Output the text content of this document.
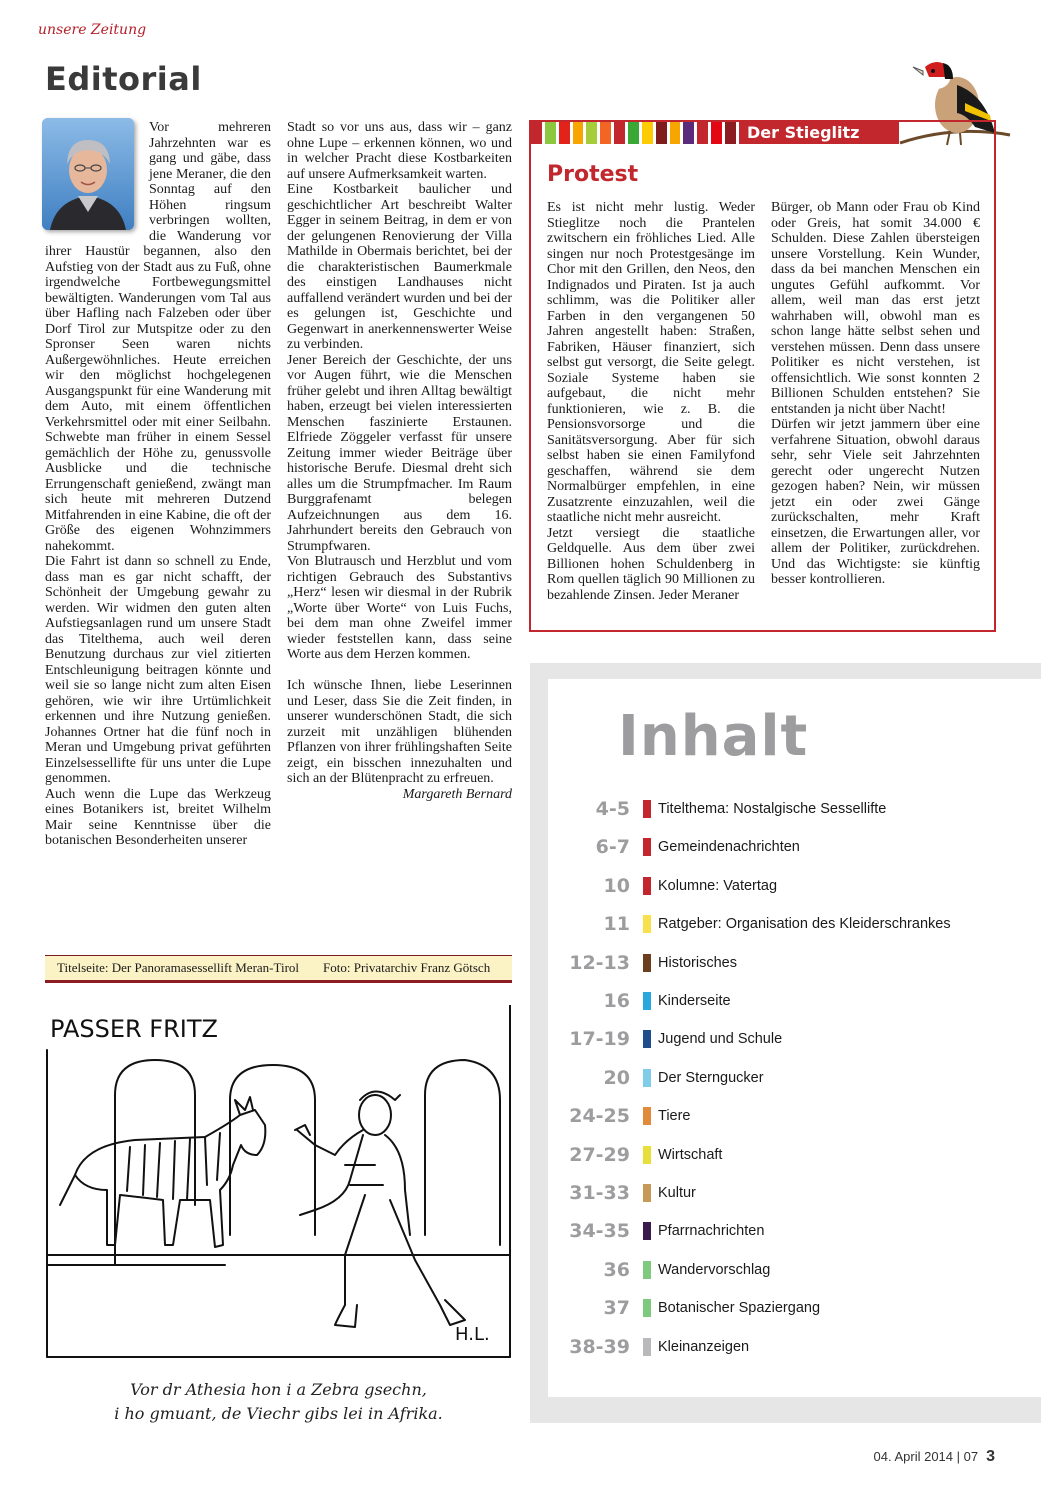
unsere Zeitung
Editorial

Vor mehreren Jahrzehnten war es gang und gäbe, dass jene Meraner, die den Sonntag auf den Höhen ringsum verbringen wollten, die Wanderung vor ihrer Haustür begannen, also den Aufstieg von der Stadt aus zu Fuß, ohne irgendwelche Fortbewegungsmittel bewältigten. Wanderungen vom Tal aus über Hafling nach Falzeben oder über Dorf Tirol zur Mutspitze oder zu den Spronser Seen waren nichts Außergewöhnliches. Heute erreichen wir den möglichst hochgelegenen Ausgangspunkt für eine Wanderung mit dem Auto, mit einem öffentlichen Verkehrsmittel oder mit einer Seilbahn. Schwebte man früher in einem Sessel gemächlich der Höhe zu, genussvolle Ausblicke und die technische Errungenschaft genießend, zwängt man sich heute mit mehreren Dutzend Mitfahrenden in eine Kabine, die oft der Größe des eigenen Wohnzimmers nahekommt.

Die Fahrt ist dann so schnell zu Ende, dass man es gar nicht schafft, der Schönheit der Umgebung gewahr zu werden. Wir widmen den guten alten Aufstiegsanlagen rund um unsere Stadt das Titelthema, auch weil deren Benutzung durchaus zur viel zitierten Entschleunigung beitragen könnte und weil sie so lange nicht zum alten Eisen gehören, wie wir ihre Urtümlichkeit erkennen und ihre Nutzung genießen. Johannes Ortner hat die fünf noch in Meran und Umgebung privat geführten Einzelsessellifte für uns unter die Lupe genommen.

Auch wenn die Lupe das Werkzeug eines Botanikers ist, breitet Wilhelm Mair seine Kenntnisse über die botanischen Besonderheiten unserer

Stadt so vor uns aus, dass wir – ganz ohne Lupe – erkennen können, wo und in welcher Pracht diese Kostbarkeiten auf unsere Aufmerksamkeit warten.

Eine Kostbarkeit baulicher und geschichtlicher Art beschreibt Walter Egger in seinem Beitrag, in dem er von der gelungenen Renovierung der Villa Mathilde in Obermais berichtet, bei der die charakteristischen Baumerkmale des einstigen Landhauses nicht auffallend verändert wurden und bei der es gelungen ist, Geschichte und Gegenwart in anerkennenswerter Weise zu verbinden.

Jener Bereich der Geschichte, der uns vor Augen führt, wie die Menschen früher gelebt und ihren Alltag bewältigt haben, erzeugt bei vielen interessierten Menschen faszinierte Erstaunen. Elfriede Zöggeler verfasst für unsere Zeitung immer wieder Beiträge über historische Berufe. Diesmal dreht sich alles um die Strumpfmacher. Im Raum Burggrafenamt belegen Aufzeichnungen aus dem 16. Jahrhundert bereits den Gebrauch von Strumpfwaren.

Von Blutrausch und Herzblut und vom richtigen Gebrauch des Substantivs „Herz“ lesen wir diesmal in der Rubrik „Worte über Worte“ von Luis Fuchs, bei dem man ohne Zweifel immer wieder feststellen kann, dass seine Worte aus dem Herzen kommen.

Ich wünsche Ihnen, liebe Leserinnen und Leser, dass Sie die Zeit finden, in unserer wunderschönen Stadt, die sich zurzeit mit unzähligen blühenden Pflanzen von ihrer frühlingshaften Seite zeigt, ein bisschen innezuhalten und sich an der Blütenpracht zu erfreuen.

Margareth Bernard

Titelseite: Der Panoramasessellift Meran-Tirol Foto: Privatarchiv Franz Götsch
PASSER FRITZ
H.L.
Vor dr Athesia hon i a Zebra gsechn,
i ho gmuant, de Viechr gibs lei in Afrika.
Der Stieglitz
Protest

Es ist nicht mehr lustig. Weder Stieglitze noch die Prantelen zwitschern ein fröhliches Lied. Alle singen nur noch Protestgesänge im Chor mit den Grillen, den Neos, den Indignados und Piraten. Ist ja auch schlimm, was die Politiker aller Farben in den vergangenen 50 Jahren angestellt haben: Straßen, Fabriken, Häuser finanziert, sich selbst gut versorgt, die Seite gelegt. Soziale Systeme haben sie aufgebaut, die nicht mehr funktionieren, wie z. B. die Pensionsvorsorge und die Sanitätsversorgung. Aber für sich selbst haben sie einen Familyfond geschaffen, während sie dem Normalbürger empfehlen, in eine Zusatzrente einzuzahlen, weil die staatliche nicht mehr ausreicht.

Jetzt versiegt die staatliche Geldquelle. Aus dem über zwei Billionen hohen Schuldenberg in Rom quellen täglich 90 Millionen zu bezahlende Zinsen. Jeder Meraner

Bürger, ob Mann oder Frau ob Kind oder Greis, hat somit 34.000 € Schulden. Diese Zahlen übersteigen unsere Vorstellung. Kein Wunder, dass da bei manchen Menschen ein ungutes Gefühl aufkommt. Vor allem, weil man das erst jetzt wahrhaben will, obwohl man es schon lange hätte selbst sehen und verstehen müssen. Denn dass unsere Politiker es nicht verstehen, ist offensichtlich. Wie sonst konnten 2 Billionen Schulden entstehen? Sie entstanden ja nicht über Nacht!

Dürfen wir jetzt jammern über eine verfahrene Situation, obwohl daraus sehr, sehr Viele seit Jahrzehnten gerecht oder ungerecht Nutzen gezogen haben? Nein, wir müssen jetzt ein oder zwei Gänge zurückschalten, mehr Kraft einsetzen, die Erwartungen aller, vor allem der Politiker, zurückdrehen. Und das Wichtigste: sie künftig besser kontrollieren.

Inhalt
4-5 Titelthema: Nostalgische Sessellifte
6-7 Gemeindenachrichten
10 Kolumne: Vatertag
11 Ratgeber: Organisation des Kleiderschrankes
12-13 Historisches
16 Kinderseite
17-19 Jugend und Schule
20 Der Sterngucker
24-25 Tiere
27-29 Wirtschaft
31-33 Kultur
34-35 Pfarrnachrichten
36 Wandervorschlag
37 Botanischer Spaziergang
38-39 Kleinanzeigen
04. April 2014 | 07 3
